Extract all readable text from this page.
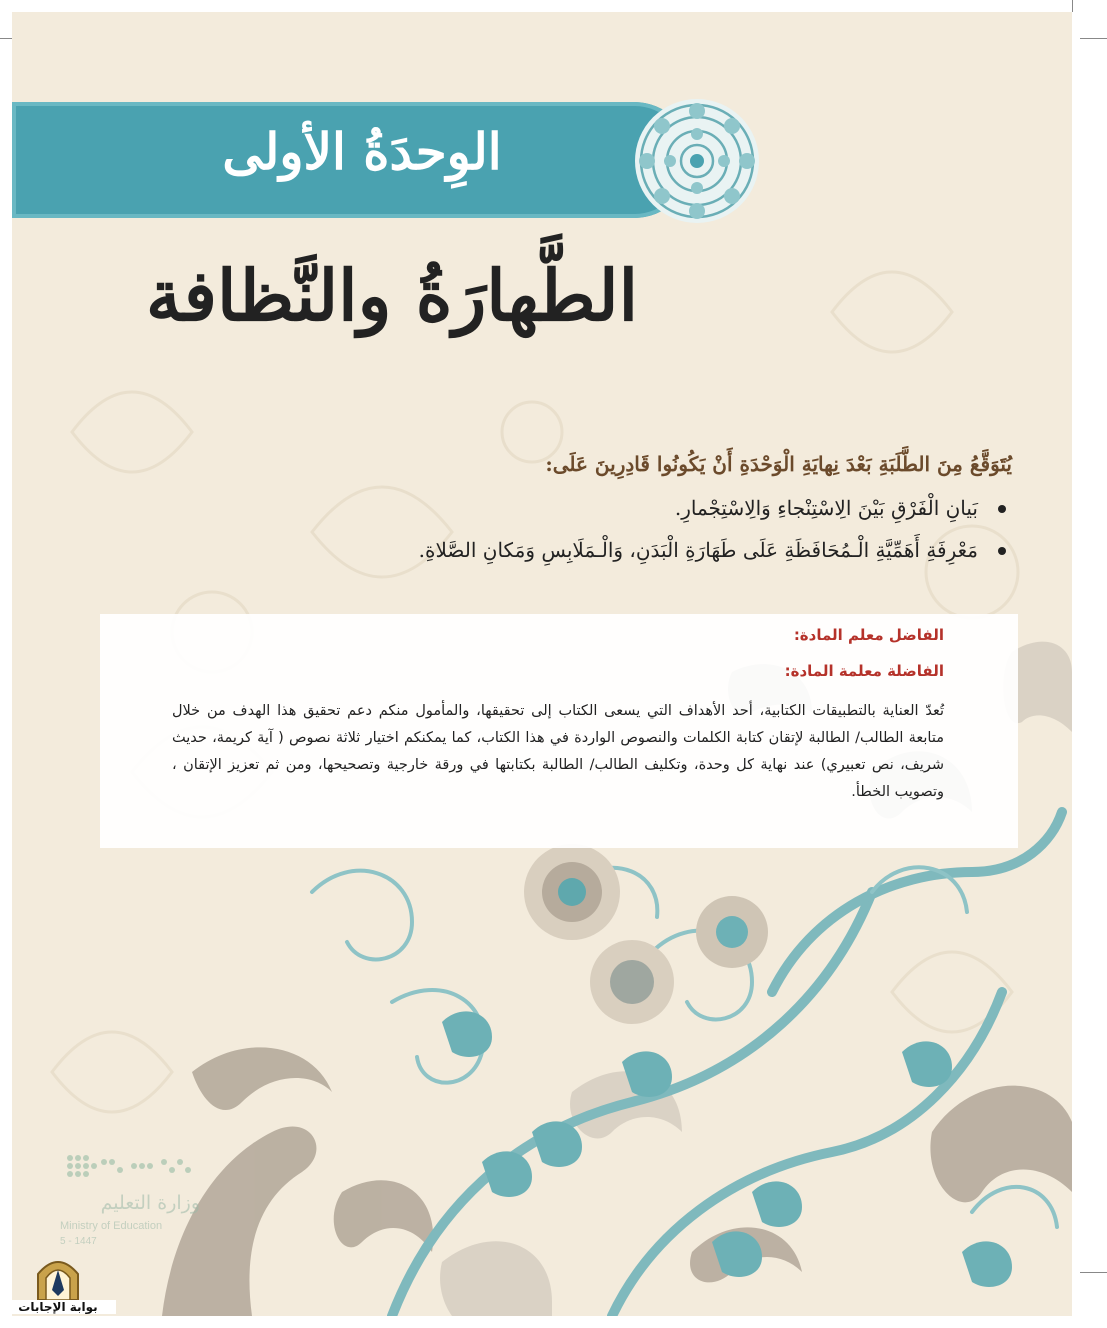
الوِحدَةُ الأولى
الطَّهارَةُ والنَّظافة

يُتَوَقَّعُ مِنَ الطَّلَبَةِ بَعْدَ نِهايَةِ الْوَحْدَةِ أَنْ يَكُونُوا قَادِرِينَ عَلَى:

بَيانِ الْفَرْقِ بَيْنَ الِاسْتِنْجاءِ وَالِاسْتِجْمارِ.
مَعْرِفَةِ أَهَمِّيَّةِ الْـمُحَافَظَةِ عَلَى طَهَارَةِ الْبَدَنِ، وَالْـمَلَابِسِ وَمَكانِ الصَّلاةِ.

الفاضل معلم المادة:

الفاضلة معلمة المادة:

تُعدّ العناية بالتطبيقات الكتابية، أحد الأهداف التي يسعى الكتاب إلى تحقيقها، والمأمول منكم دعم تحقيق هذا الهدف من خلال متابعة الطالب/ الطالبة لإتقان كتابة الكلمات والنصوص الواردة في هذا الكتاب، كما يمكنكم اختيار ثلاثة نصوص ( آية كريمة، حديث شريف، نص تعبيري) عند نهاية كل وحدة، وتكليف الطالب/ الطالبة بكتابتها في ورقة خارجية وتصحيحها، ومن ثم تعزيز الإتقان ، وتصويب الخطأ.

وزارة التعليم
Ministry of Education
5 - 1447
بوابة الإجابات
